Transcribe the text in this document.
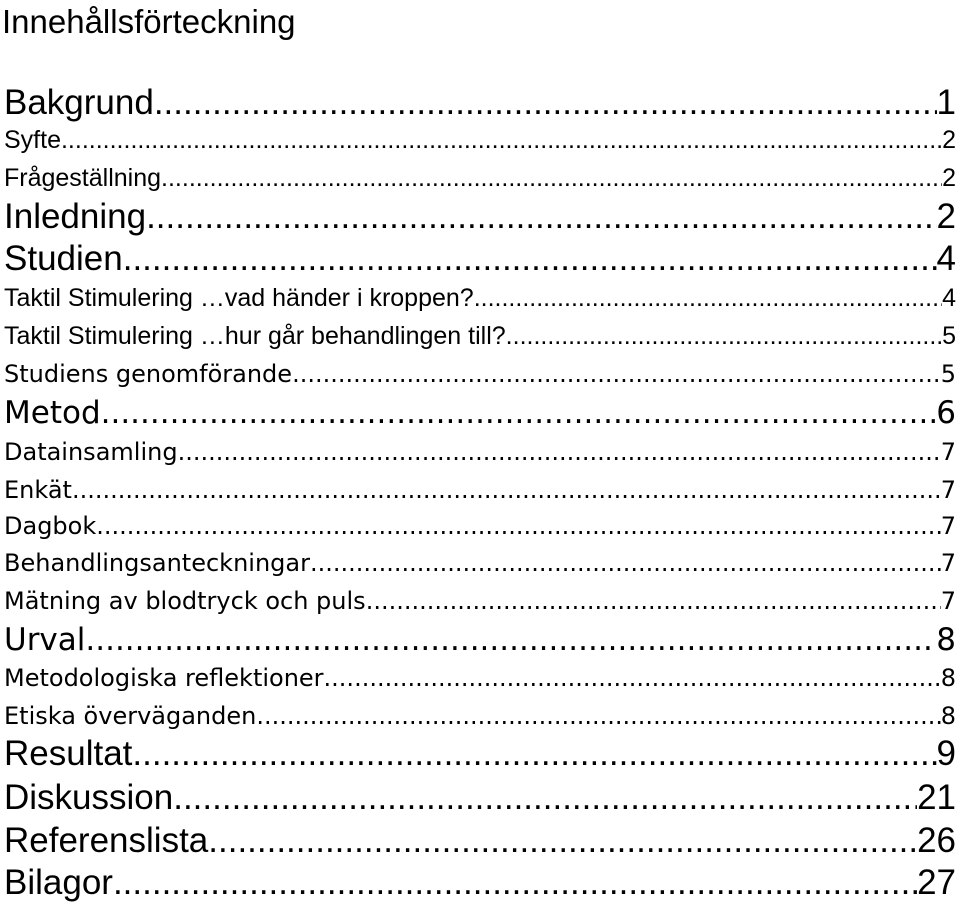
Innehållsförteckning
Bakgrund .....	1
Syfte .....	2
Frågeställning .....	2
Inledning .....	2
Studien .....	4
Taktil Stimulering …vad händer i kroppen? .....	4
Taktil Stimulering …hur går behandlingen till? .....	5
Studiens genomförande .....	5
Metod .....	6
Datainsamling .....	7
Enkät .....	7
Dagbok .....	7
Behandlingsanteckningar .....	7
Mätning av blodtryck och puls .....	7
Urval .....	8
Metodologiska reflektioner .....	8
Etiska överväganden .....	8
Resultat .....	9
Diskussion .....	21
Referenslista .....	26
Bilagor .....	27
